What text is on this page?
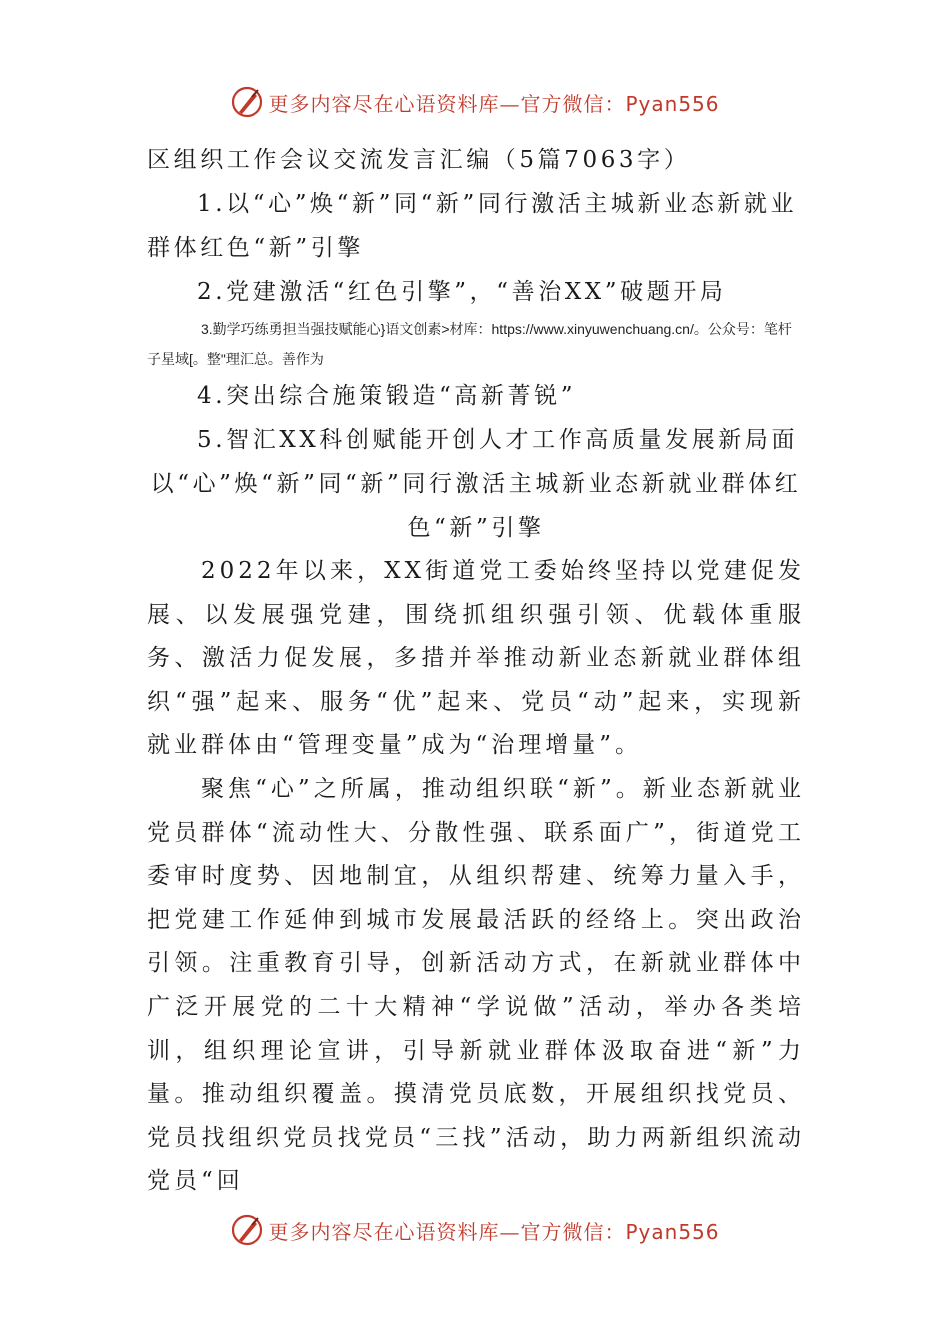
更多内容尽在心语资料库—官方微信：Pyan556
区组织工作会议交流发言汇编（5篇7063字）
1.以“心”焕“新”同“新”同行激活主城新业态新就业群体红色“新”引擎
2.党建激活“红色引擎”，“善治XX”破题开局
3.勤学巧练勇担当强技赋能心}语文创素>材库：https://www.xinyuwenchuang.cn/。公众号：笔杆子星域[。整"理汇总。善作为
4.突出综合施策锻造“高新菁锐”
5.智汇XX科创赋能开创人才工作高质量发展新局面
以“心”焕“新”同“新”同行激活主城新业态新就业群体红色“新”引擎
2022年以来，XX街道党工委始终坚持以党建促发展、以发展强党建，围绕抓组织强引领、优载体重服务、激活力促发展，多措并举推动新业态新就业群体组织“强”起来、服务“优”起来、党员“动”起来，实现新就业群体由“管理变量”成为“治理增量”。
聚焦“心”之所属，推动组织联“新”。新业态新就业党员群体“流动性大、分散性强、联系面广”，街道党工委审时度势、因地制宜，从组织帮建、统筹力量入手，把党建工作延伸到城市发展最活跃的经络上。突出政治引领。注重教育引导，创新活动方式，在新就业群体中广泛开展党的二十大精神“学说做”活动，举办各类培训，组织理论宣讲，引导新就业群体汲取奋进“新”力量。推动组织覆盖。摸清党员底数，开展组织找党员、党员找组织党员找党员“三找”活动，助力两新组织流动党员“回
更多内容尽在心语资料库—官方微信：Pyan556
